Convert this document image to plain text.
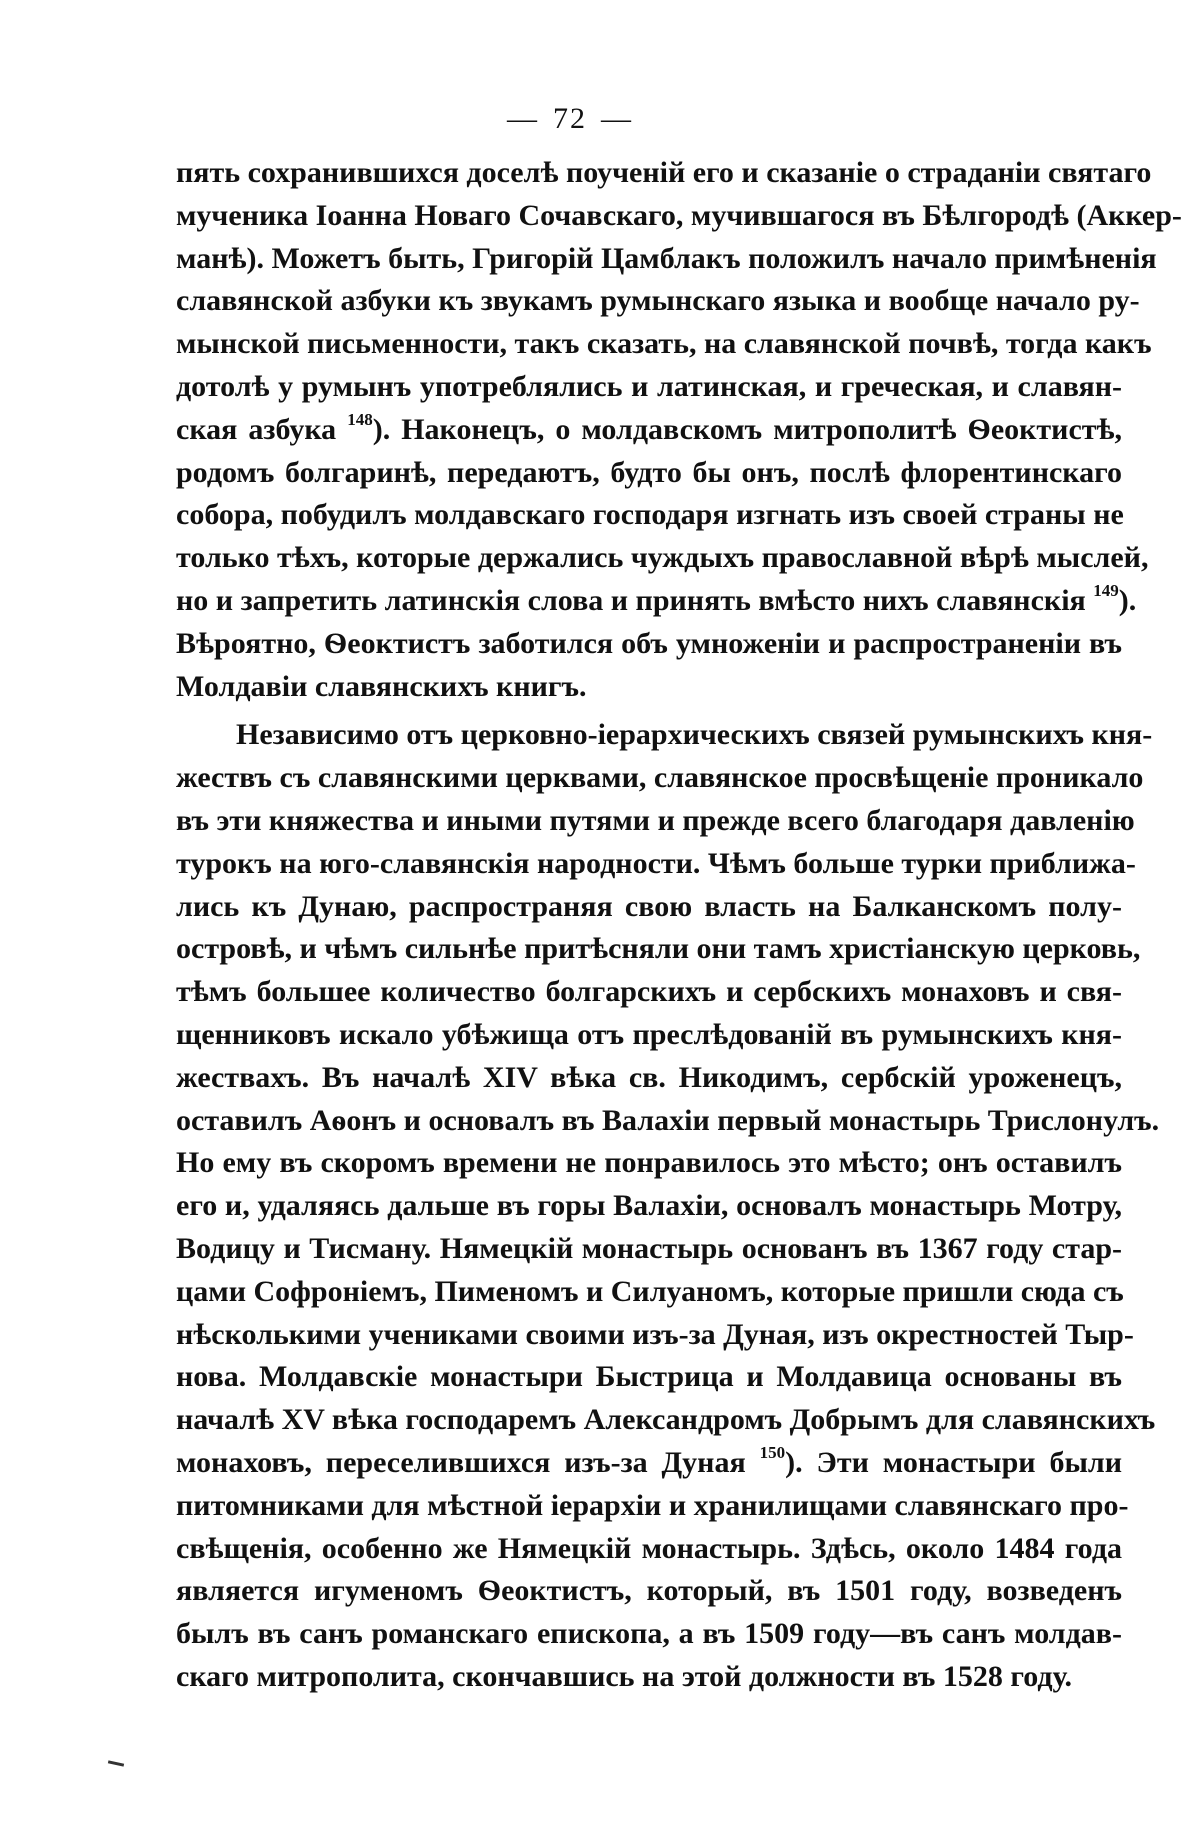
— 72 —
пять сохранившихся доселѣ поученій его и сказаніе о страданіи святаго
мученика Іоанна Новаго Сочавскаго, мучившагося въ Бѣлгородѣ (Аккер-
манѣ). Можетъ быть, Григорій Цамблакъ положилъ начало примѣненія
славянской азбуки къ звукамъ румынскаго языка и вообще начало ру-
мынской письменности, такъ сказать, на славянской почвѣ, тогда какъ
дотолѣ у румынъ употреблялись и латинская, и греческая, и славян-
ская азбука $^{148}$). Наконецъ, о молдавскомъ митрополитѣ Ѳеоктистѣ,
родомъ болгаринѣ, передаютъ, будто бы онъ, послѣ флорентинскаго
собора, побудилъ молдавскаго господаря изгнать изъ своей страны не
только тѣхъ, которые держались чуждыхъ православной вѣрѣ мыслей,
но и запретить латинскія слова и принять вмѣсто нихъ славянскія $^{149}$).
Вѣроятно, Ѳеоктистъ заботился объ умноженіи и распространеніи въ
Молдавіи славянскихъ книгъ.
Независимо отъ церковно-іерархическихъ связей румынскихъ кня-
жествъ съ славянскими церквами, славянское просвѣщеніе проникало
въ эти княжества и иными путями и прежде всего благодаря давленію
турокъ на юго-славянскія народности. Чѣмъ больше турки приближа-
лись къ Дунаю, распространяя свою власть на Балканскомъ полу-
островѣ, и чѣмъ сильнѣе притѣсняли они тамъ христіанскую церковь,
тѣмъ большее количество болгарскихъ и сербскихъ монаховъ и свя-
щенниковъ искало убѣжища отъ преслѣдованій въ румынскихъ кня-
жествахъ. Въ началѣ XIV вѣка св. Никодимъ, сербскій уроженецъ,
оставилъ Аѳонъ и основалъ въ Валахіи первый монастырь Трислонулъ.
Но ему въ скоромъ времени не понравилось это мѣсто; онъ оставилъ
его и, удаляясь дальше въ горы Валахіи, основалъ монастырь Мотру,
Водицу и Тисману. Нямецкій монастырь основанъ въ 1367 году стар-
цами Софроніемъ, Пименомъ и Силуаномъ, которые пришли сюда съ
нѣсколькими учениками своими изъ-за Дуная, изъ окрестностей Тыр-
нова. Молдавскіе монастыри Быстрица и Молдавица основаны въ
началѣ XV вѣка господаремъ Александромъ Добрымъ для славянскихъ
монаховъ, переселившихся изъ-за Дуная $^{150}$). Эти монастыри были
питомниками для мѣстной іерархіи и хранилищами славянскаго про-
свѣщенія, особенно же Нямецкій монастырь. Здѣсь, около 1484 года
является игуменомъ Ѳеоктистъ, который, въ 1501 году, возведенъ
былъ въ санъ романскаго епископа, а въ 1509 году—въ санъ молдав-
скаго митрополита, скончавшись на этой должности въ 1528 году.
